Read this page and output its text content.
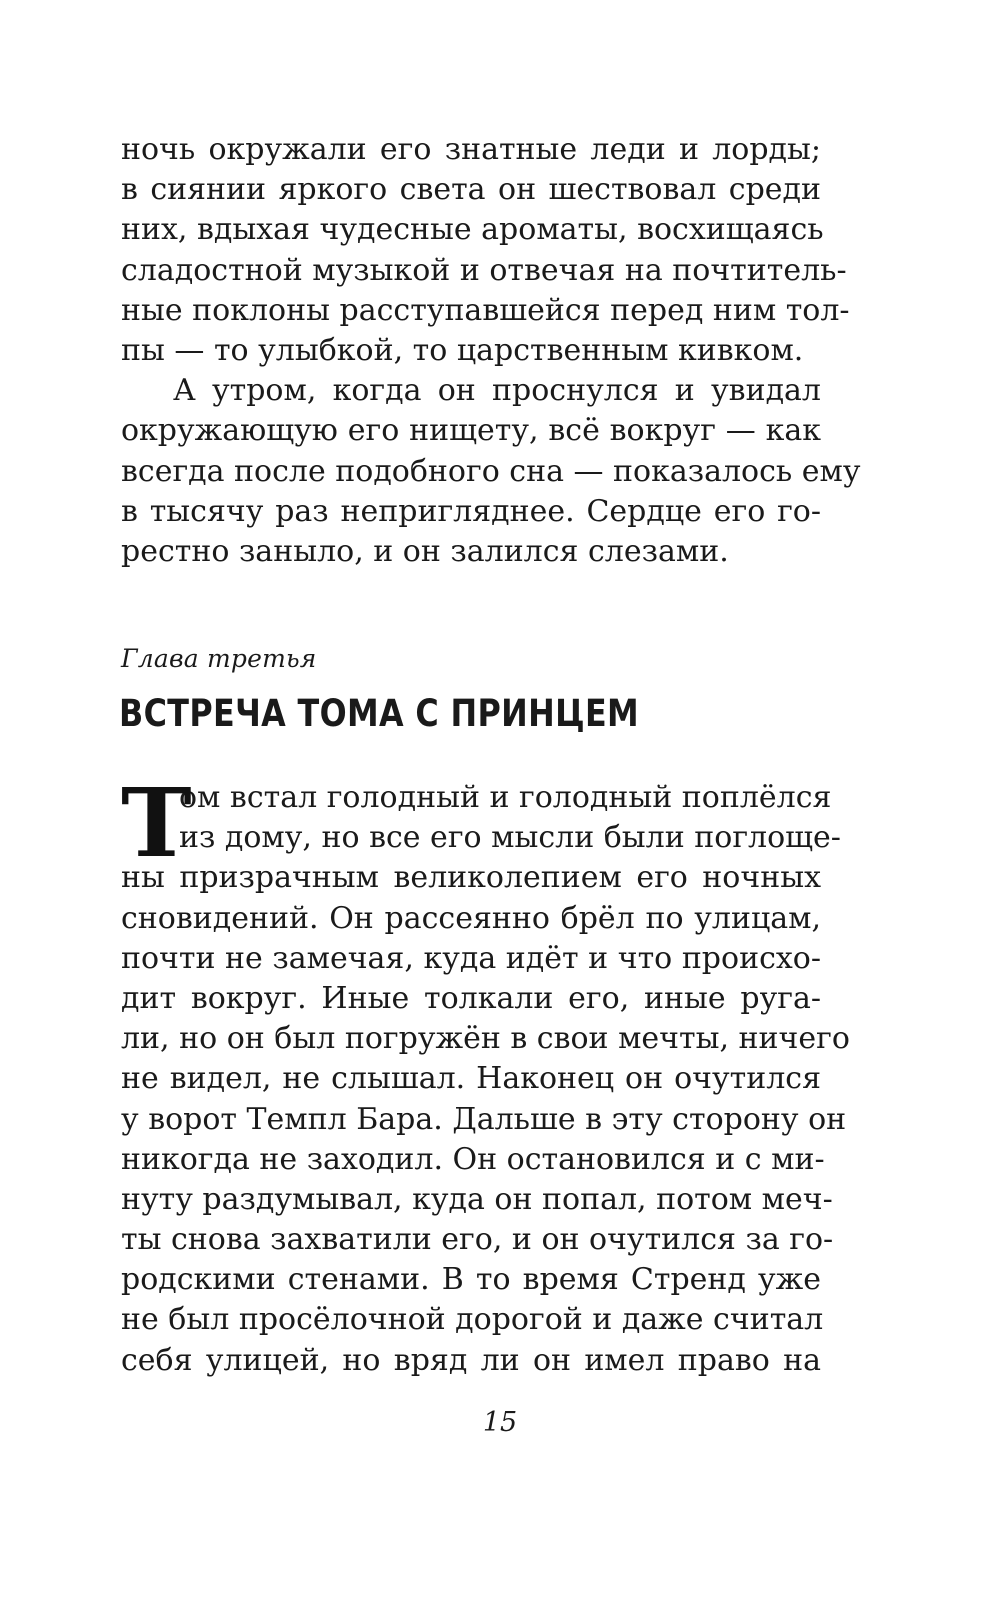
ночь окружали его знатные леди и лорды;
в сиянии яркого света он шествовал среди
них, вдыхая чудесные ароматы, восхищаясь
сладостной музыкой и отвечая на почтитель-
ные поклоны расступавшейся перед ним тол-
пы — то улыбкой, то царственным кивком.
А утром, когда он проснулся и увидал
окружающую его нищету, всё вокруг — как
всегда после подобного сна — показалось ему
в тысячу раз непригляднее. Сердце его го-
рестно заныло, и он залился слезами.
Глава третья
ВСТРЕЧА ТОМА С ПРИНЦЕМ
Т
ом встал голодный и голодный поплёлся
из дому, но все его мысли были поглоще-
ны призрачным великолепием его ночных
сновидений. Он рассеянно брёл по улицам,
почти не замечая, куда идёт и что происхо-
дит вокруг. Иные толкали его, иные руга-
ли, но он был погружён в свои мечты, ничего
не видел, не слышал. Наконец он очутился
у ворот Темпл Бара. Дальше в эту сторону он
никогда не заходил. Он остановился и с ми-
нуту раздумывал, куда он попал, потом меч-
ты снова захватили его, и он очутился за го-
родскими стенами. В то время Стренд уже
не был просёлочной дорогой и даже считал
себя улицей, но вряд ли он имел право на
15
